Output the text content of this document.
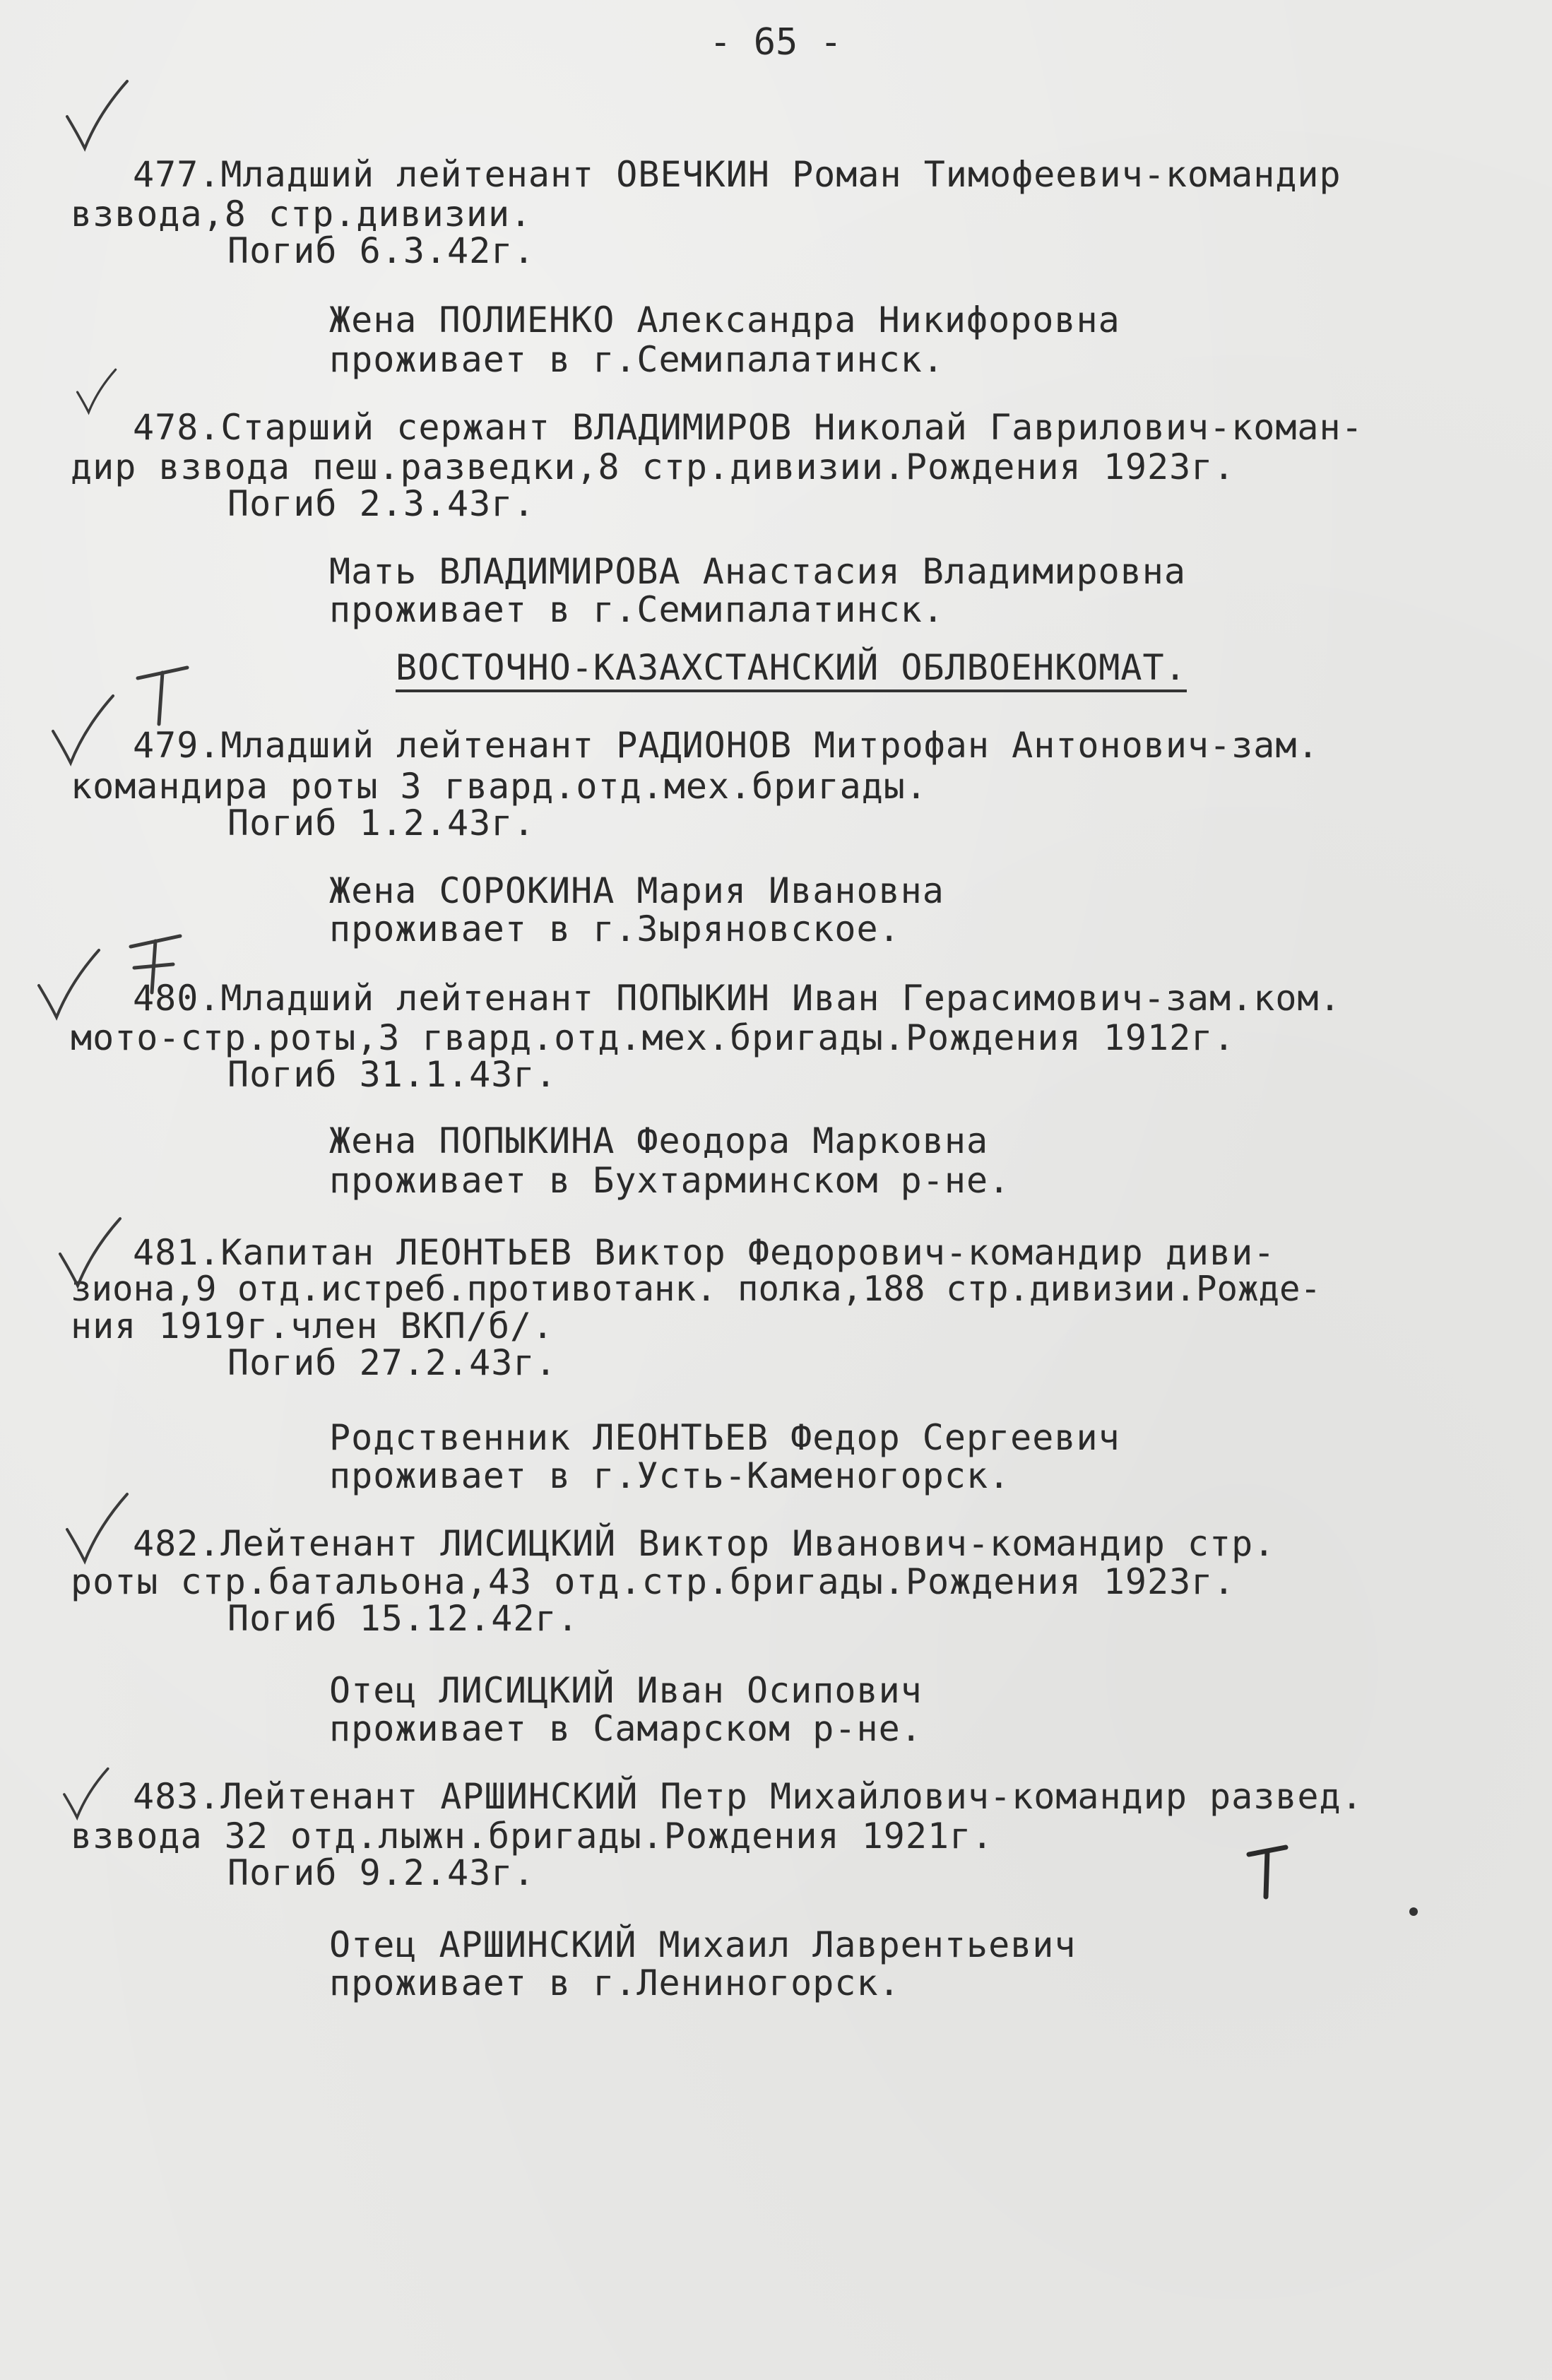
- 65 -
477.Младший лейтенант ОВЕЧКИН Роман Тимофеевич-командир
взвода,8 стр.дивизии.
Погиб 6.3.42г.
Жена ПОЛИЕНКО Александра Никифоровна
проживает в г.Семипалатинск.
478.Старший сержант ВЛАДИМИРОВ Николай Гаврилович-коман-
дир взвода пеш.разведки,8 стр.дивизии.Рождения 1923г.
Погиб 2.3.43г.
Мать ВЛАДИМИРОВА Анастасия Владимировна
проживает в г.Семипалатинск.
ВОСТОЧНО-КАЗАХСТАНСКИЙ ОБЛВОЕНКОМАТ.
479.Младший лейтенант РАДИОНОВ Митрофан Антонович-зам.
командира роты 3 гвард.отд.мех.бригады.
Погиб 1.2.43г.
Жена СОРОКИНА Мария Ивановна
проживает в г.Зыряновское.
480.Младший лейтенант ПОПЫКИН Иван Герасимович-зам.ком.
мото-стр.роты,3 гвард.отд.мех.бригады.Рождения 1912г.
Погиб 31.1.43г.
Жена ПОПЫКИНА Феодора Марковна
проживает в Бухтарминском р-не.
481.Капитан ЛЕОНТЬЕВ Виктор Федорович-командир диви-
зиона,9 отд.истреб.противотанк. полка,188 стр.дивизии.Рожде-
ния 1919г.член ВКП/б/.
Погиб 27.2.43г.
Родственник ЛЕОНТЬЕВ Федор Сергеевич
проживает в г.Усть-Каменогорск.
482.Лейтенант ЛИСИЦКИЙ Виктор Иванович-командир стр.
роты стр.батальона,43 отд.стр.бригады.Рождения 1923г.
Погиб 15.12.42г.
Отец ЛИСИЦКИЙ Иван Осипович
проживает в Самарском р-не.
483.Лейтенант АРШИНСКИЙ Петр Михайлович-командир развед.
взвода 32 отд.лыжн.бригады.Рождения 1921г.
Погиб 9.2.43г.
Отец АРШИНСКИЙ Михаил Лаврентьевич
проживает в г.Лениногорск.
